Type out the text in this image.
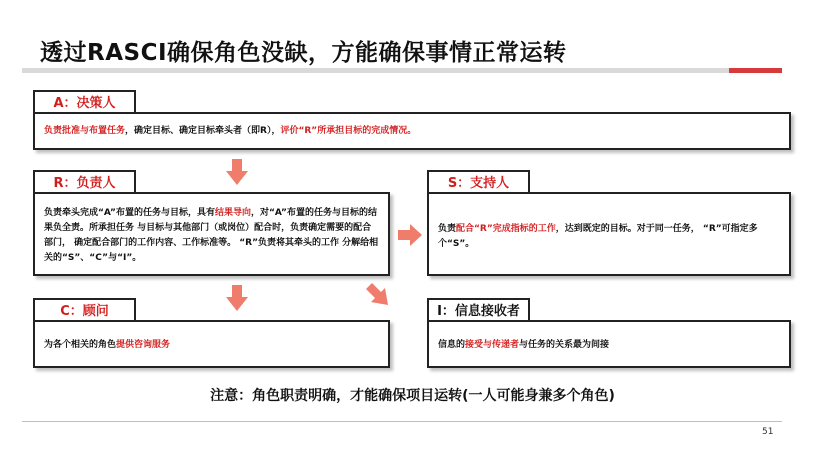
透过RASCI确保角色没缺，方能确保事情正常运转
A：决策人
负责批准与布置任务，确定目标、确定目标牵头者（即R），评价“R”所承担目标的完成情况。
R：负责人
负责牵头完成“A”布置的任务与目标，具有结果导向，对“A”布置的任务与目标的结果负全责。所承担任务 与目标与其他部门（或岗位）配合时，负责确定需要的配合部门， 确定配合部门的工作内容、工作标准等。 “R”负责将其牵头的工作 分解给相关的“S”、“C”与“I”。
S：支持人
负责配合“R”完成指标的工作，达到既定的目标。对于同一任务， “R”可指定多个“S”。
C：顾问
为各个相关的角色提供咨询服务
I：信息接收者
信息的接受与传递者与任务的关系最为间接
注意：角色职责明确，才能确保项目运转(一人可能身兼多个角色)
51
